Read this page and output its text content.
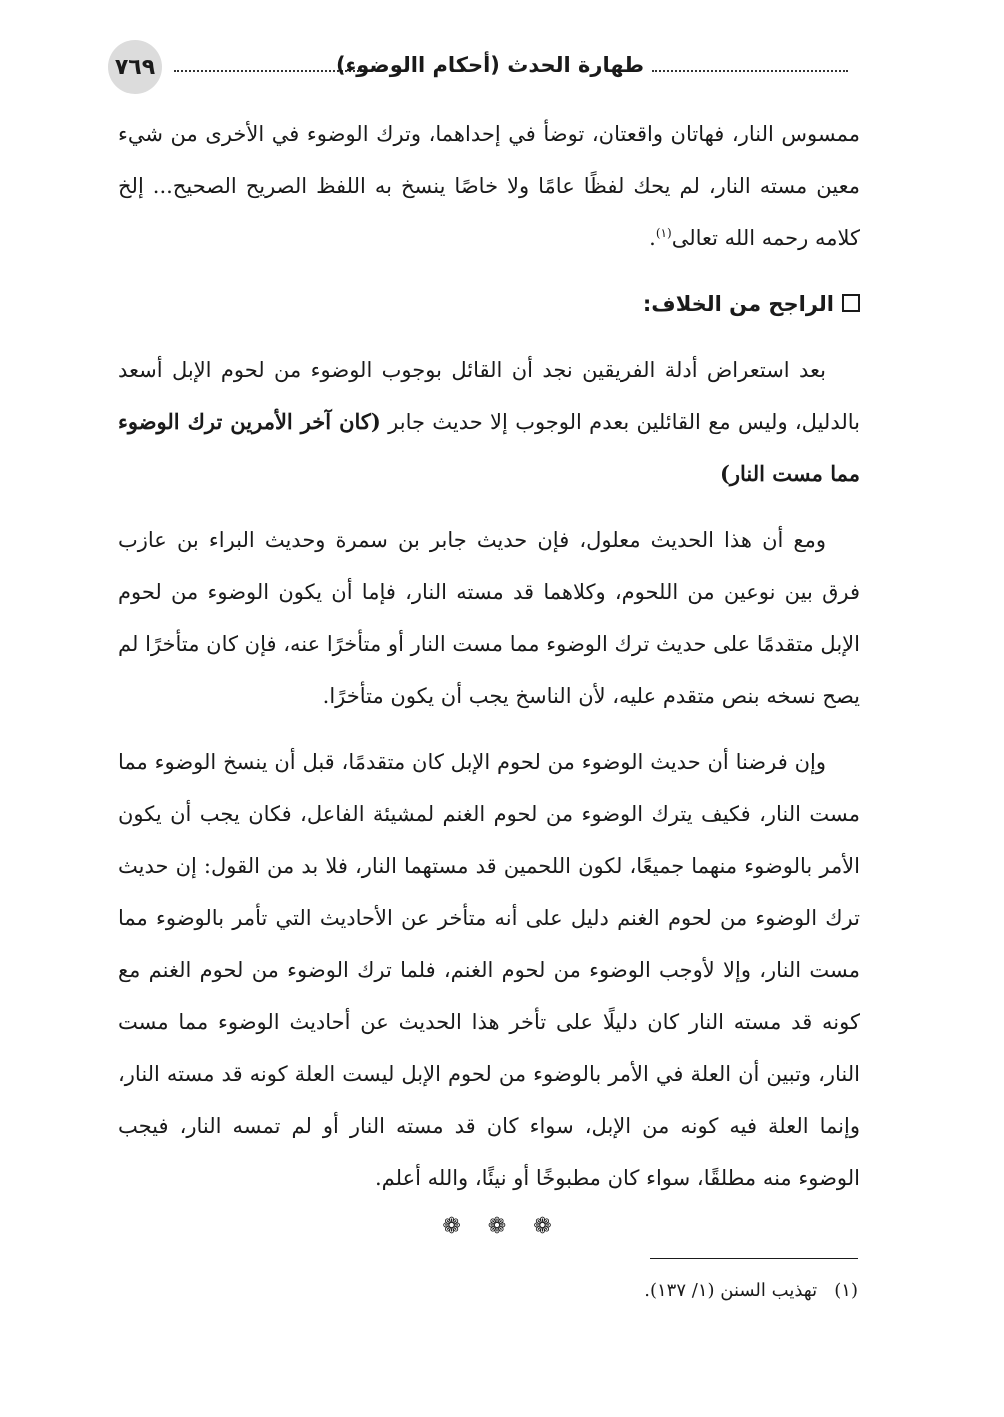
٧٦٩	طهارة الحدث (أحكام االوضوء)

ممسوس النار، فهاتان واقعتان، توضأ في إحداهما، وترك الوضوء في الأخرى من شيء معين مسته النار، لم يحك لفظًا عامًا ولا خاصًا ينسخ به اللفظ الصريح الصحيح... إلخ كلامه رحمه الله تعالى$^{(١)}$.

الراجح من الخلاف:

بعد استعراض أدلة الفريقين نجد أن القائل بوجوب الوضوء من لحوم الإبل أسعد بالدليل، وليس مع القائلين بعدم الوجوب إلا حديث جابر (كان آخر الأمرين ترك الوضوء مما مست النار)

ومع أن هذا الحديث معلول، فإن حديث جابر بن سمرة وحديث البراء بن عازب فرق بين نوعين من اللحوم، وكلاهما قد مسته النار، فإما أن يكون الوضوء من لحوم الإبل متقدمًا على حديث ترك الوضوء مما مست النار أو متأخرًا عنه، فإن كان متأخرًا لم يصح نسخه بنص متقدم عليه، لأن الناسخ يجب أن يكون متأخرًا.

وإن فرضنا أن حديث الوضوء من لحوم الإبل كان متقدمًا، قبل أن ينسخ الوضوء مما مست النار، فكيف يترك الوضوء من لحوم الغنم لمشيئة الفاعل، فكان يجب أن يكون الأمر بالوضوء منهما جميعًا، لكون اللحمين قد مستهما النار، فلا بد من القول: إن حديث ترك الوضوء من لحوم الغنم دليل على أنه متأخر عن الأحاديث التي تأمر بالوضوء مما مست النار، وإلا لأوجب الوضوء من لحوم الغنم، فلما ترك الوضوء من لحوم الغنم مع كونه قد مسته النار كان دليلًا على تأخر هذا الحديث عن أحاديث الوضوء مما مست النار، وتبين أن العلة في الأمر بالوضوء من لحوم الإبل ليست العلة كونه قد مسته النار، وإنما العلة فيه كونه من الإبل، سواء كان قد مسته النار أو لم تمسه النار، فيجب الوضوء منه مطلقًا، سواء كان مطبوخًا أو نيئًا، والله أعلم.

❁ ❁ ❁
(١)   تهذيب السنن (١/ ١٣٧).
